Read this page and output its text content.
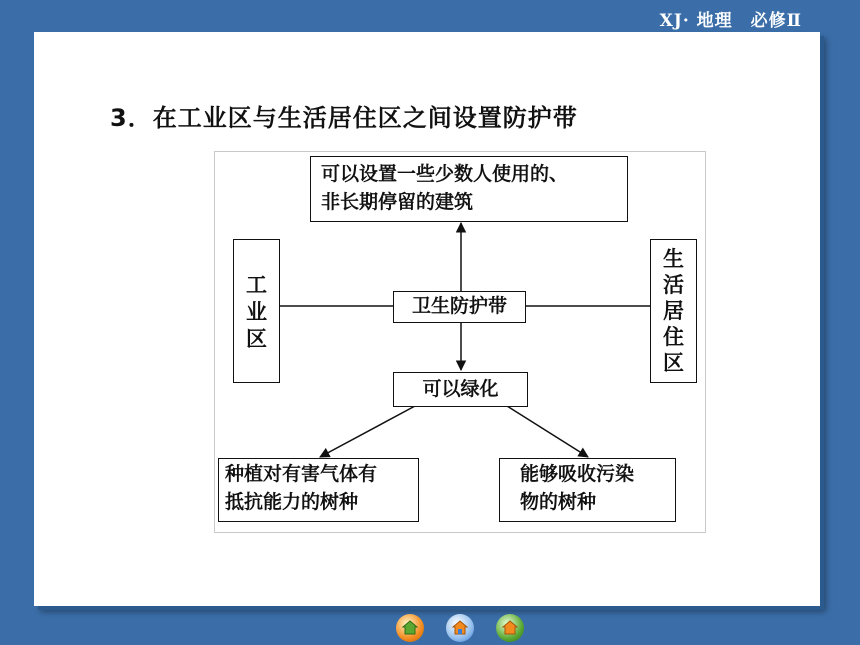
XJ· 地理　必修Ⅱ
3．在工业区与生活居住区之间设置防护带
可以设置一些少数人使用的、
非长期停留的建筑
工
业
区
卫生防护带
生
活
居
住
区
可以绿化
种植对有害气体有
抵抗能力的树种
能够吸收污染
物的树种
